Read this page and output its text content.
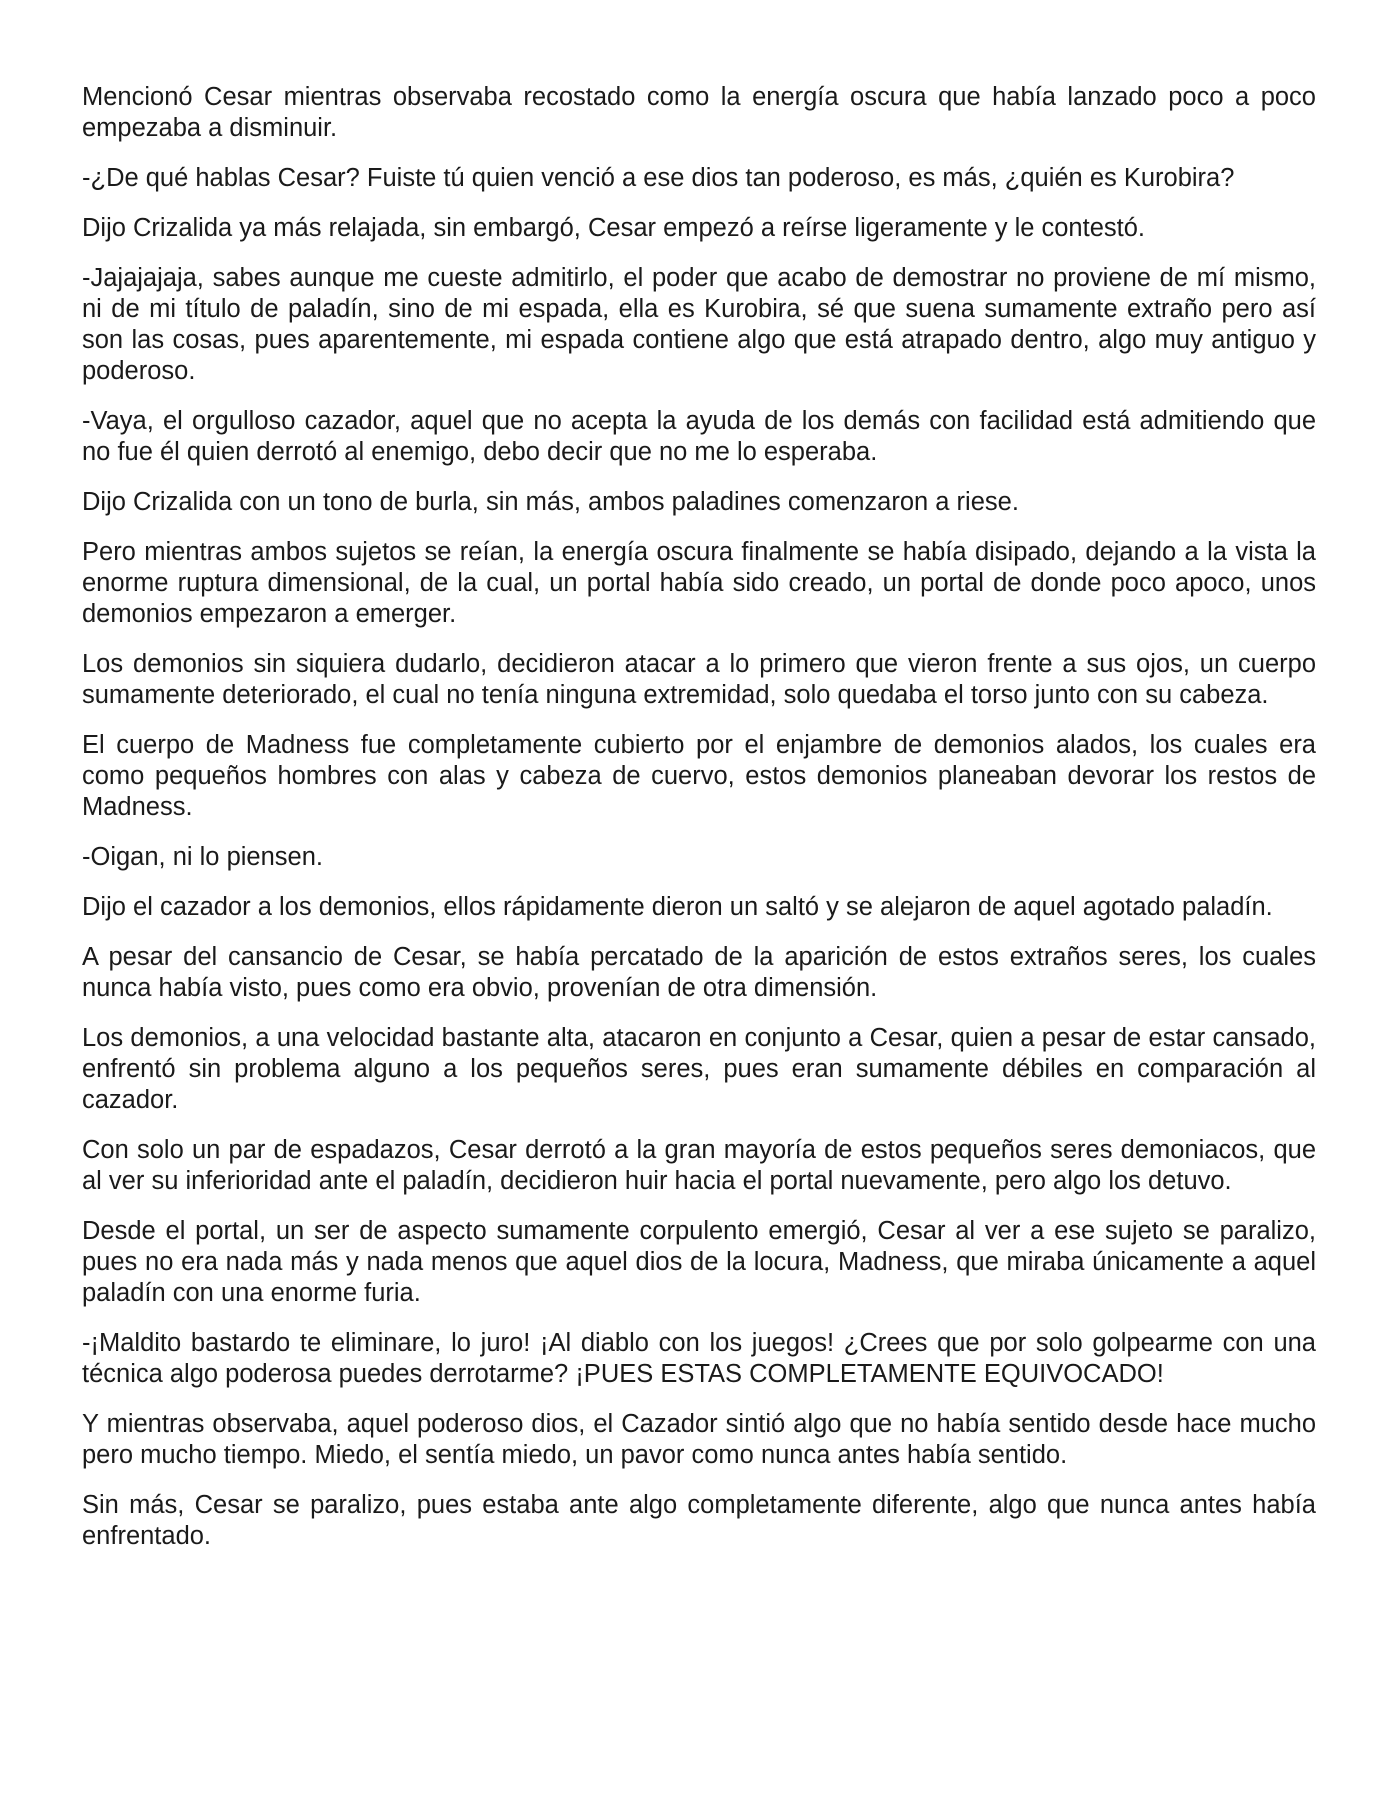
Mencionó Cesar mientras observaba recostado como la energía oscura que había lanzado poco a poco empezaba a disminuir.

-¿De qué hablas Cesar? Fuiste tú quien venció a ese dios tan poderoso, es más, ¿quién es Kurobira?

Dijo Crizalida ya más relajada, sin embargó, Cesar empezó a reírse ligeramente y le contestó.

-Jajajajaja, sabes aunque me cueste admitirlo, el poder que acabo de demostrar no proviene de mí mismo, ni de mi título de paladín, sino de mi espada, ella es Kurobira, sé que suena sumamente extraño pero así son las cosas, pues aparentemente, mi espada contiene algo que está atrapado dentro, algo muy antiguo y poderoso.

-Vaya, el orgulloso cazador, aquel que no acepta la ayuda de los demás con facilidad está admitiendo que no fue él quien derrotó al enemigo, debo decir que no me lo esperaba.

Dijo Crizalida con un tono de burla, sin más, ambos paladines comenzaron a riese.

Pero mientras ambos sujetos se reían, la energía oscura finalmente se había disipado, dejando a la vista la enorme ruptura dimensional, de la cual, un portal había sido creado, un portal de donde poco apoco, unos demonios empezaron a emerger.

Los demonios sin siquiera dudarlo, decidieron atacar a lo primero que vieron frente a sus ojos, un cuerpo sumamente deteriorado, el cual no tenía ninguna extremidad, solo quedaba el torso junto con su cabeza.

El cuerpo de Madness fue completamente cubierto por el enjambre de demonios alados, los cuales era como pequeños hombres con alas y cabeza de cuervo, estos demonios planeaban devorar los restos de Madness.

-Oigan, ni lo piensen.

Dijo el cazador a los demonios, ellos rápidamente dieron un saltó y se alejaron de aquel agotado paladín.

A pesar del cansancio de Cesar, se había percatado de la aparición de estos extraños seres, los cuales nunca había visto, pues como era obvio, provenían de otra dimensión.

Los demonios, a una velocidad bastante alta, atacaron en conjunto a Cesar, quien a pesar de estar cansado, enfrentó sin problema alguno a los pequeños seres, pues eran sumamente débiles en comparación al cazador.

Con solo un par de espadazos, Cesar derrotó a la gran mayoría de estos pequeños seres demoniacos, que al ver su inferioridad ante el paladín, decidieron huir hacia el portal nuevamente, pero algo los detuvo.

Desde el portal, un ser de aspecto sumamente corpulento emergió, Cesar al ver a ese sujeto se paralizo, pues no era nada más y nada menos que aquel dios de la locura, Madness, que miraba únicamente a aquel paladín con una enorme furia.

-¡Maldito bastardo te eliminare, lo juro! ¡Al diablo con los juegos! ¿Crees que por solo golpearme con una técnica algo poderosa puedes derrotarme? ¡PUES ESTAS COMPLETAMENTE EQUIVOCADO!

Y mientras observaba, aquel poderoso dios, el Cazador sintió algo que no había sentido desde hace mucho pero mucho tiempo. Miedo, el sentía miedo, un pavor como nunca antes había sentido.

Sin más, Cesar se paralizo, pues estaba ante algo completamente diferente, algo que nunca antes había enfrentado.
